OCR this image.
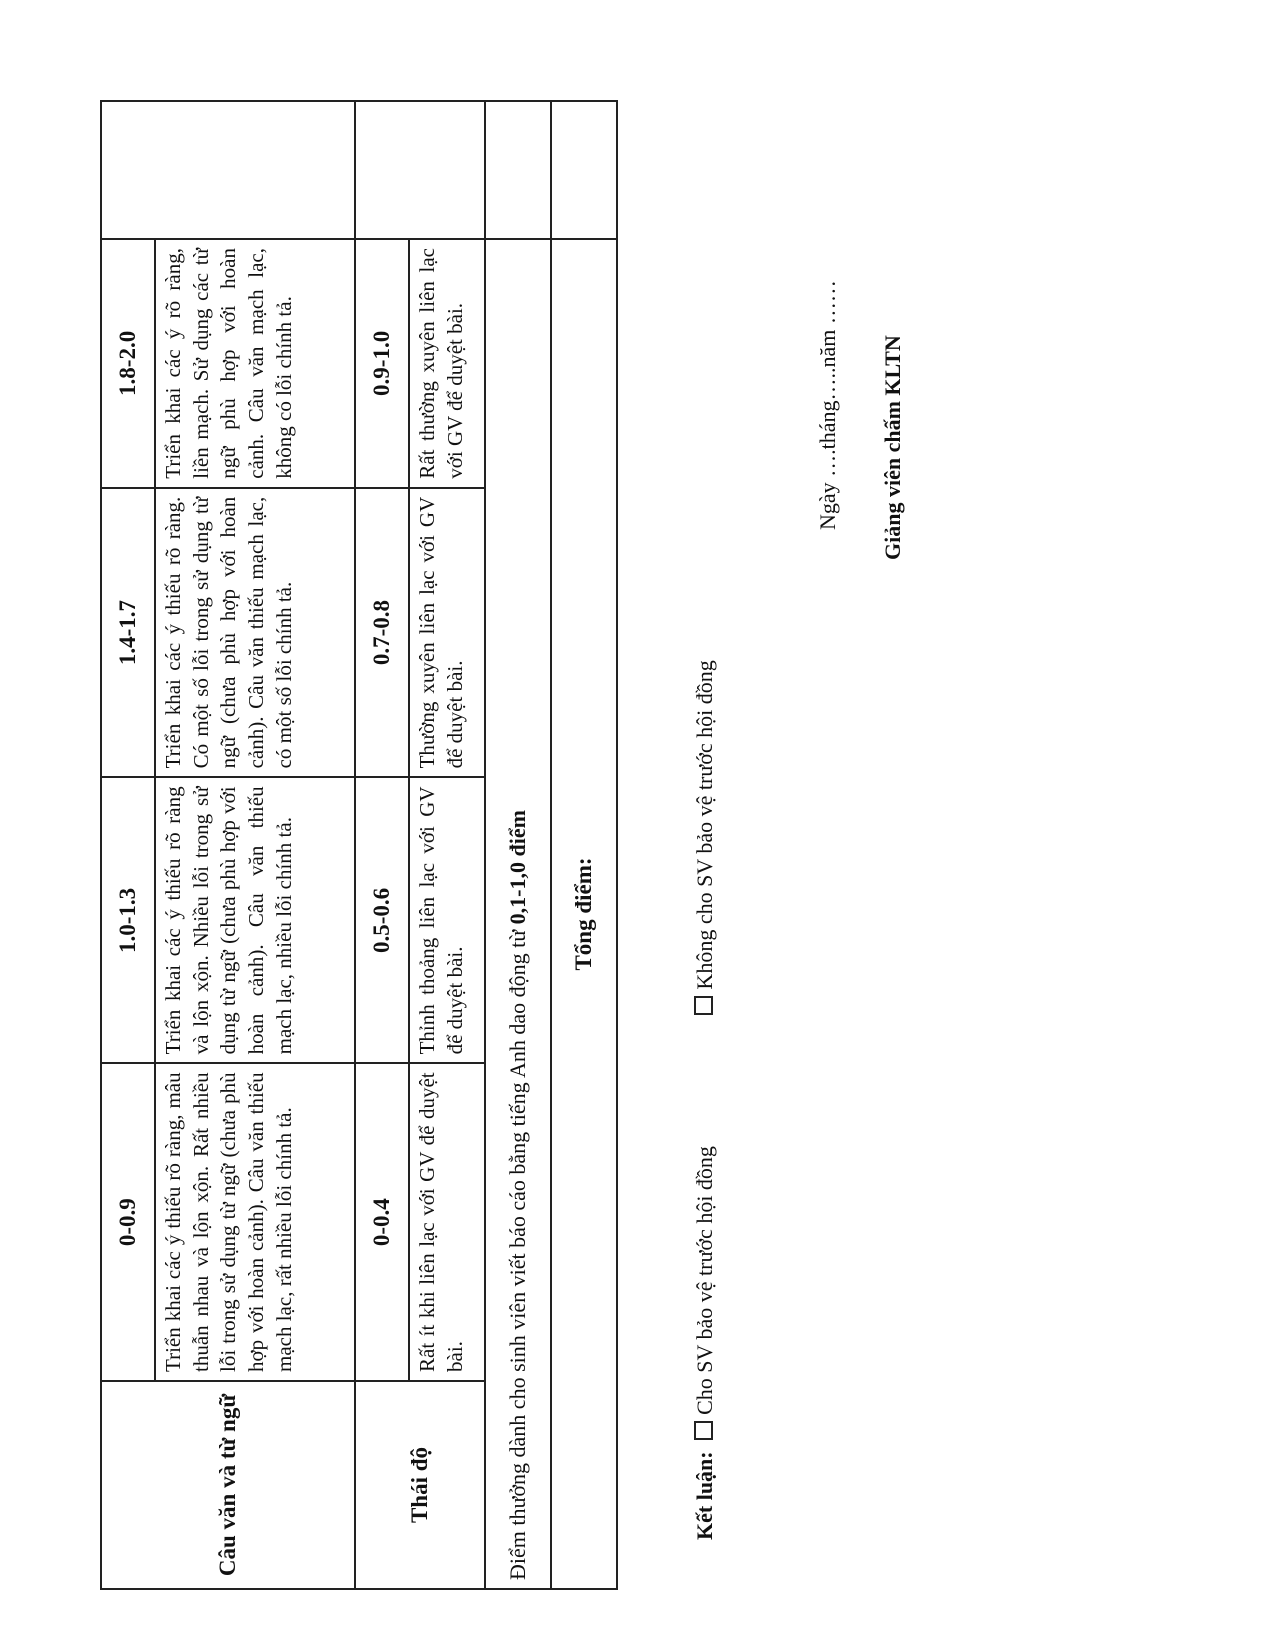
Câu văn và từ ngữ	0-0.9	1.0-1.3	1.4-1.7	1.8-2.0	
	Triển khai các ý thiếu rõ ràng, mâu thuẫn nhau và lộn xộn. Rất nhiều lỗi trong sử dụng từ ngữ (chưa phù hợp với hoàn cảnh). Câu văn thiếu mạch lạc, rất nhiều lỗi chính tả.	Triển khai các ý thiếu rõ ràng và lộn xộn. Nhiều lỗi trong sử dụng từ ngữ (chưa phù hợp với hoàn cảnh). Câu văn thiếu mạch lạc, nhiều lỗi chính tả.	Triển khai các ý thiếu rõ ràng. Có một số lỗi trong sử dụng từ ngữ (chưa phù hợp với hoàn cảnh). Câu văn thiếu mạch lạc, có một số lỗi chính tả.	Triển khai các ý rõ ràng, liền mạch. Sử dụng các từ ngữ phù hợp với hoàn cảnh. Câu văn mạch lạc, không có lỗi chính tả.	
Thái độ	0-0.4	0.5-0.6	0.7-0.8	0.9-1.0	
	Rất ít khi liên lạc với GV để duyệt bài.	Thỉnh thoảng liên lạc với GV để duyệt bài.	Thường xuyên liên lạc với GV để duyệt bài.	Rất thường xuyên liên lạc với GV để duyệt bài.	
Điểm thưởng dành cho sinh viên viết báo cáo bằng tiếng Anh dao động từ 0,1-1,0 điểm					
Tổng điểm:					
Kết luận: Cho SV bảo vệ trước hội đồng Không cho SV bảo vệ trước hội đồng
Ngày ….tháng…..năm …… Giảng viên chấm KLTN
